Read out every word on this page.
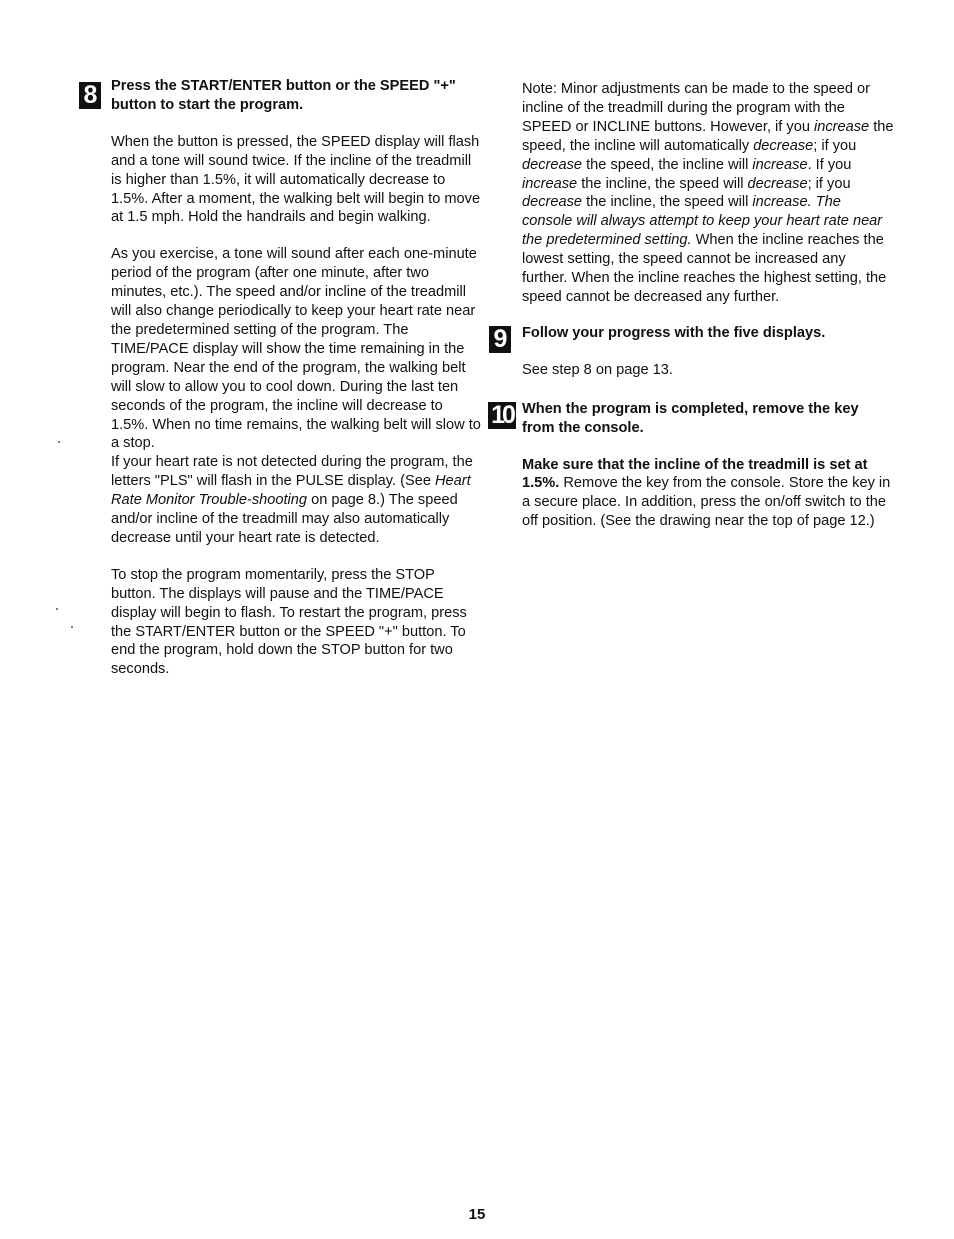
8 Press the START/ENTER button or the SPEED "+" button to start the program.

When the button is pressed, the SPEED display will flash and a tone will sound twice. If the incline of the treadmill is higher than 1.5%, it will automatically decrease to 1.5%. After a moment, the walking belt will begin to move at 1.5 mph. Hold the handrails and begin walking.

As you exercise, a tone will sound after each one-minute period of the program (after one minute, after two minutes, etc.). The speed and/or incline of the treadmill will also change periodically to keep your heart rate near the predetermined setting of the program. The TIME/PACE display will show the time remaining in the program. Near the end of the program, the walking belt will slow to allow you to cool down. During the last ten seconds of the program, the incline will decrease to 1.5%. When no time remains, the walking belt will slow to a stop.

If your heart rate is not detected during the program, the letters "PLS" will flash in the PULSE display. (See Heart Rate Monitor Trouble-shooting on page 8.) The speed and/or incline of the treadmill may also automatically decrease until your heart rate is detected.

To stop the program momentarily, press the STOP button. The displays will pause and the TIME/PACE display will begin to flash. To restart the program, press the START/ENTER button or the SPEED "+" button. To end the program, hold down the STOP button for two seconds.

Note: Minor adjustments can be made to the speed or incline of the treadmill during the program with the SPEED or INCLINE buttons. However, if you increase the speed, the incline will automatically decrease; if you decrease the speed, the incline will increase. If you increase the incline, the speed will decrease; if you decrease the incline, the speed will increase. The console will always attempt to keep your heart rate near the predetermined setting. When the incline reaches the lowest setting, the speed cannot be increased any further. When the incline reaches the highest setting, the speed cannot be decreased any further.

9	Follow your progress with the five displays.

See step 8 on page 13.

10 When the program is completed, remove the key from the console.

Make sure that the incline of the treadmill is set at 1.5%. Remove the key from the console. Store the key in a secure place. In addition, press the on/off switch to the off position. (See the drawing near the top of page 12.)

15
